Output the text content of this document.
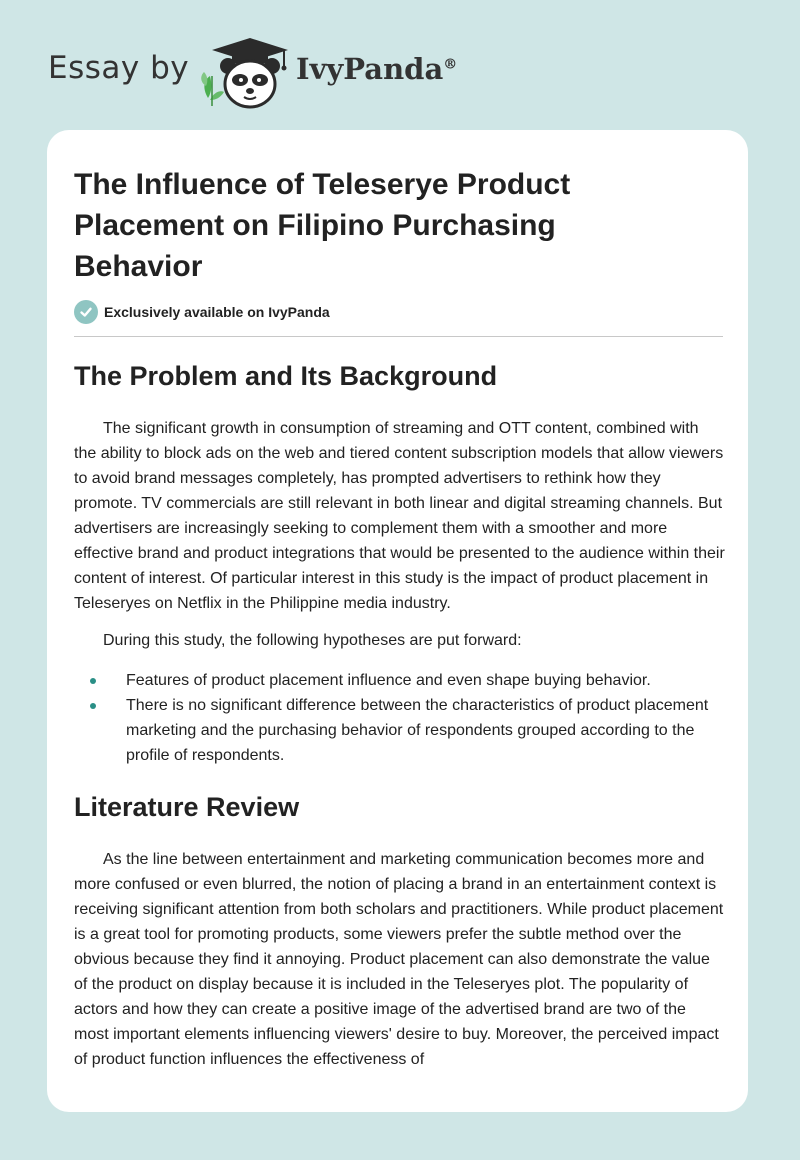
Essay by	IvyPanda®
The Influence of Teleserye Product Placement on Filipino Purchasing Behavior
Exclusively available on IvyPanda
The Problem and Its Background

The significant growth in consumption of streaming and OTT content, combined with the ability to block ads on the web and tiered content subscription models that allow viewers to avoid brand messages completely, has prompted advertisers to rethink how they promote. TV commercials are still relevant in both linear and digital streaming channels. But advertisers are increasingly seeking to complement them with a smoother and more effective brand and product integrations that would be presented to the audience within their content of interest. Of particular interest in this study is the impact of product placement in Teleseryes on Netflix in the Philippine media industry.

During this study, the following hypotheses are put forward:

Features of product placement influence and even shape buying behavior.
There is no significant difference between the characteristics of product placement marketing and the purchasing behavior of respondents grouped according to the profile of respondents.
Literature Review

As the line between entertainment and marketing communication becomes more and more confused or even blurred, the notion of placing a brand in an entertainment context is receiving significant attention from both scholars and practitioners. While product placement is a great tool for promoting products, some viewers prefer the subtle method over the obvious because they find it annoying. Product placement can also demonstrate the value of the product on display because it is included in the Teleseryes plot. The popularity of actors and how they can create a positive image of the advertised brand are two of the most important elements influencing viewers' desire to buy. Moreover, the perceived impact of product function influences the effectiveness of
